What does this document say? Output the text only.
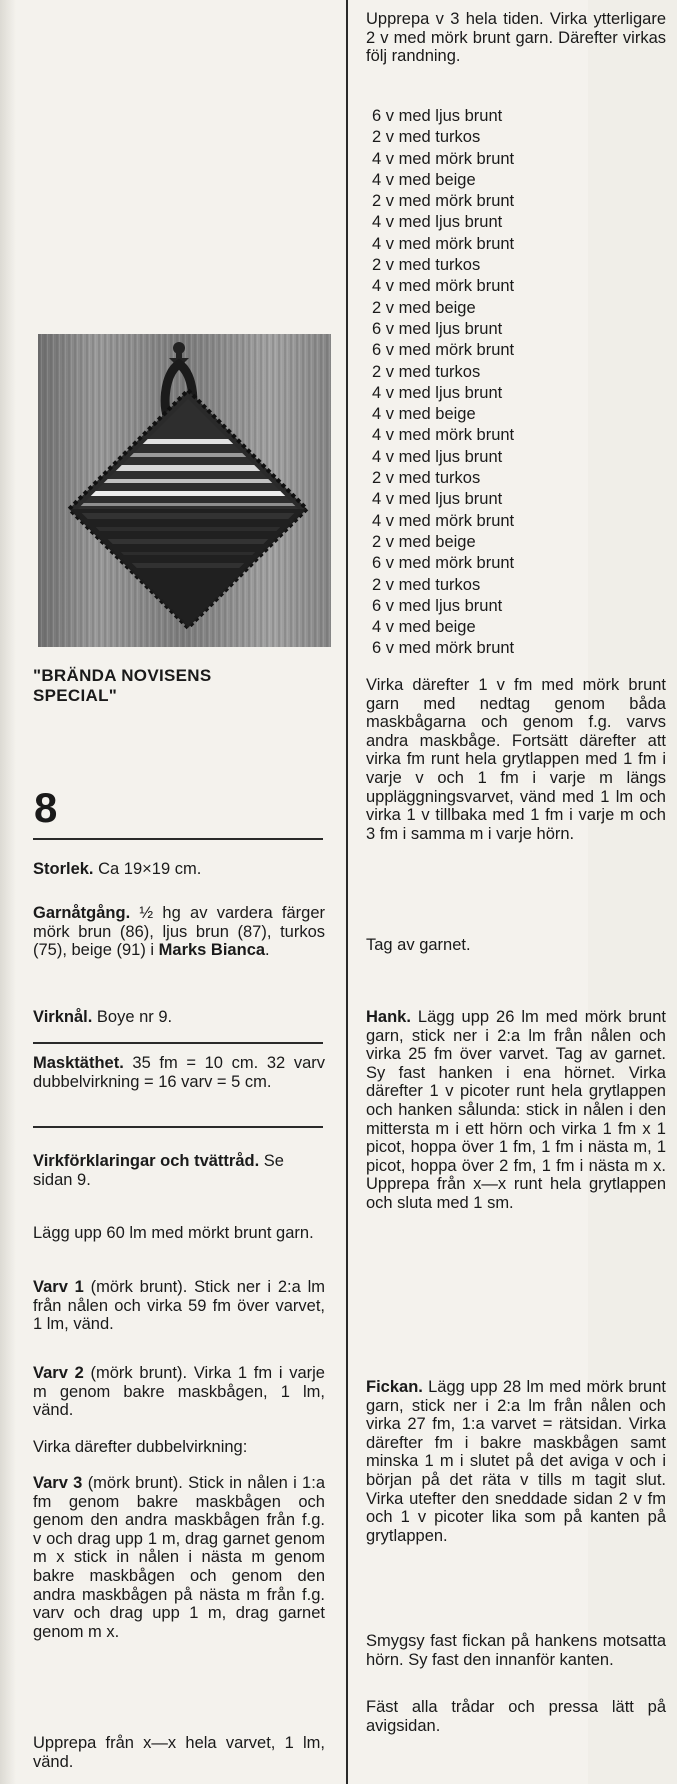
"BRÄNDA NOVISENS
SPECIAL"
8

Storlek. Ca 19×19 cm.

Garnåtgång. ½ hg av vardera färger mörk brun (86), ljus brun (87), turkos (75), beige (91) i Marks Bianca.

Virknål. Boye nr 9.

Masktäthet. 35 fm = 10 cm. 32 varv dubbelvirkning = 16 varv = 5 cm.

Virkförklaringar och tvättråd. Se sidan 9.

Lägg upp 60 lm med mörkt brunt garn.

Varv 1 (mörk brunt). Stick ner i 2:a lm från nålen och virka 59 fm över varvet, 1 lm, vänd.

Varv 2 (mörk brunt). Virka 1 fm i varje m genom bakre maskbågen, 1 lm, vänd.

Virka därefter dubbelvirkning:

Varv 3 (mörk brunt). Stick in nålen i 1:a fm genom bakre maskbågen och genom den andra maskbågen från f.g. v och drag upp 1 m, drag garnet genom m x stick in nålen i nästa m genom bakre maskbågen och genom den andra maskbågen på nästa m från f.g. varv och drag upp 1 m, drag garnet genom m x.

Upprepa från x—x hela varvet, 1 lm, vänd.

Upprepa v 3 hela tiden. Virka ytterligare 2 v med mörk brunt garn. Därefter virkas följ randning.

6 v med ljus brunt
2 v med turkos
4 v med mörk brunt
4 v med beige
2 v med mörk brunt
4 v med ljus brunt
4 v med mörk brunt
2 v med turkos
4 v med mörk brunt
2 v med beige
6 v med ljus brunt
6 v med mörk brunt
2 v med turkos
4 v med ljus brunt
4 v med beige
4 v med mörk brunt
4 v med ljus brunt
2 v med turkos
4 v med ljus brunt
4 v med mörk brunt
2 v med beige
6 v med mörk brunt
2 v med turkos
6 v med ljus brunt
4 v med beige
6 v med mörk brunt

Virka därefter 1 v fm med mörk brunt garn med nedtag genom båda maskbågarna och genom f.g. varvs andra maskbåge. Fortsätt därefter att virka fm runt hela grytlappen med 1 fm i varje v och 1 fm i varje m längs uppläggningsvarvet, vänd med 1 lm och virka 1 v tillbaka med 1 fm i varje m och 3 fm i samma m i varje hörn.

Tag av garnet.

Hank. Lägg upp 26 lm med mörk brunt garn, stick ner i 2:a lm från nålen och virka 25 fm över varvet. Tag av garnet. Sy fast hanken i ena hörnet. Virka därefter 1 v picoter runt hela grytlappen och hanken sålunda: stick in nålen i den mittersta m i ett hörn och virka 1 fm x 1 picot, hoppa över 1 fm, 1 fm i nästa m, 1 picot, hoppa över 2 fm, 1 fm i nästa m x. Upprepa från x—x runt hela grytlappen och sluta med 1 sm.

Fickan. Lägg upp 28 lm med mörk brunt garn, stick ner i 2:a lm från nålen och virka 27 fm, 1:a varvet = rätsidan. Virka därefter fm i bakre maskbågen samt minska 1 m i slutet på det aviga v och i början på det räta v tills m tagit slut. Virka utefter den sneddade sidan 2 v fm och 1 v picoter lika som på kanten på grytlappen.

Smygsy fast fickan på hankens motsatta hörn. Sy fast den innanför kanten.

Fäst alla trådar och pressa lätt på avigsidan.
